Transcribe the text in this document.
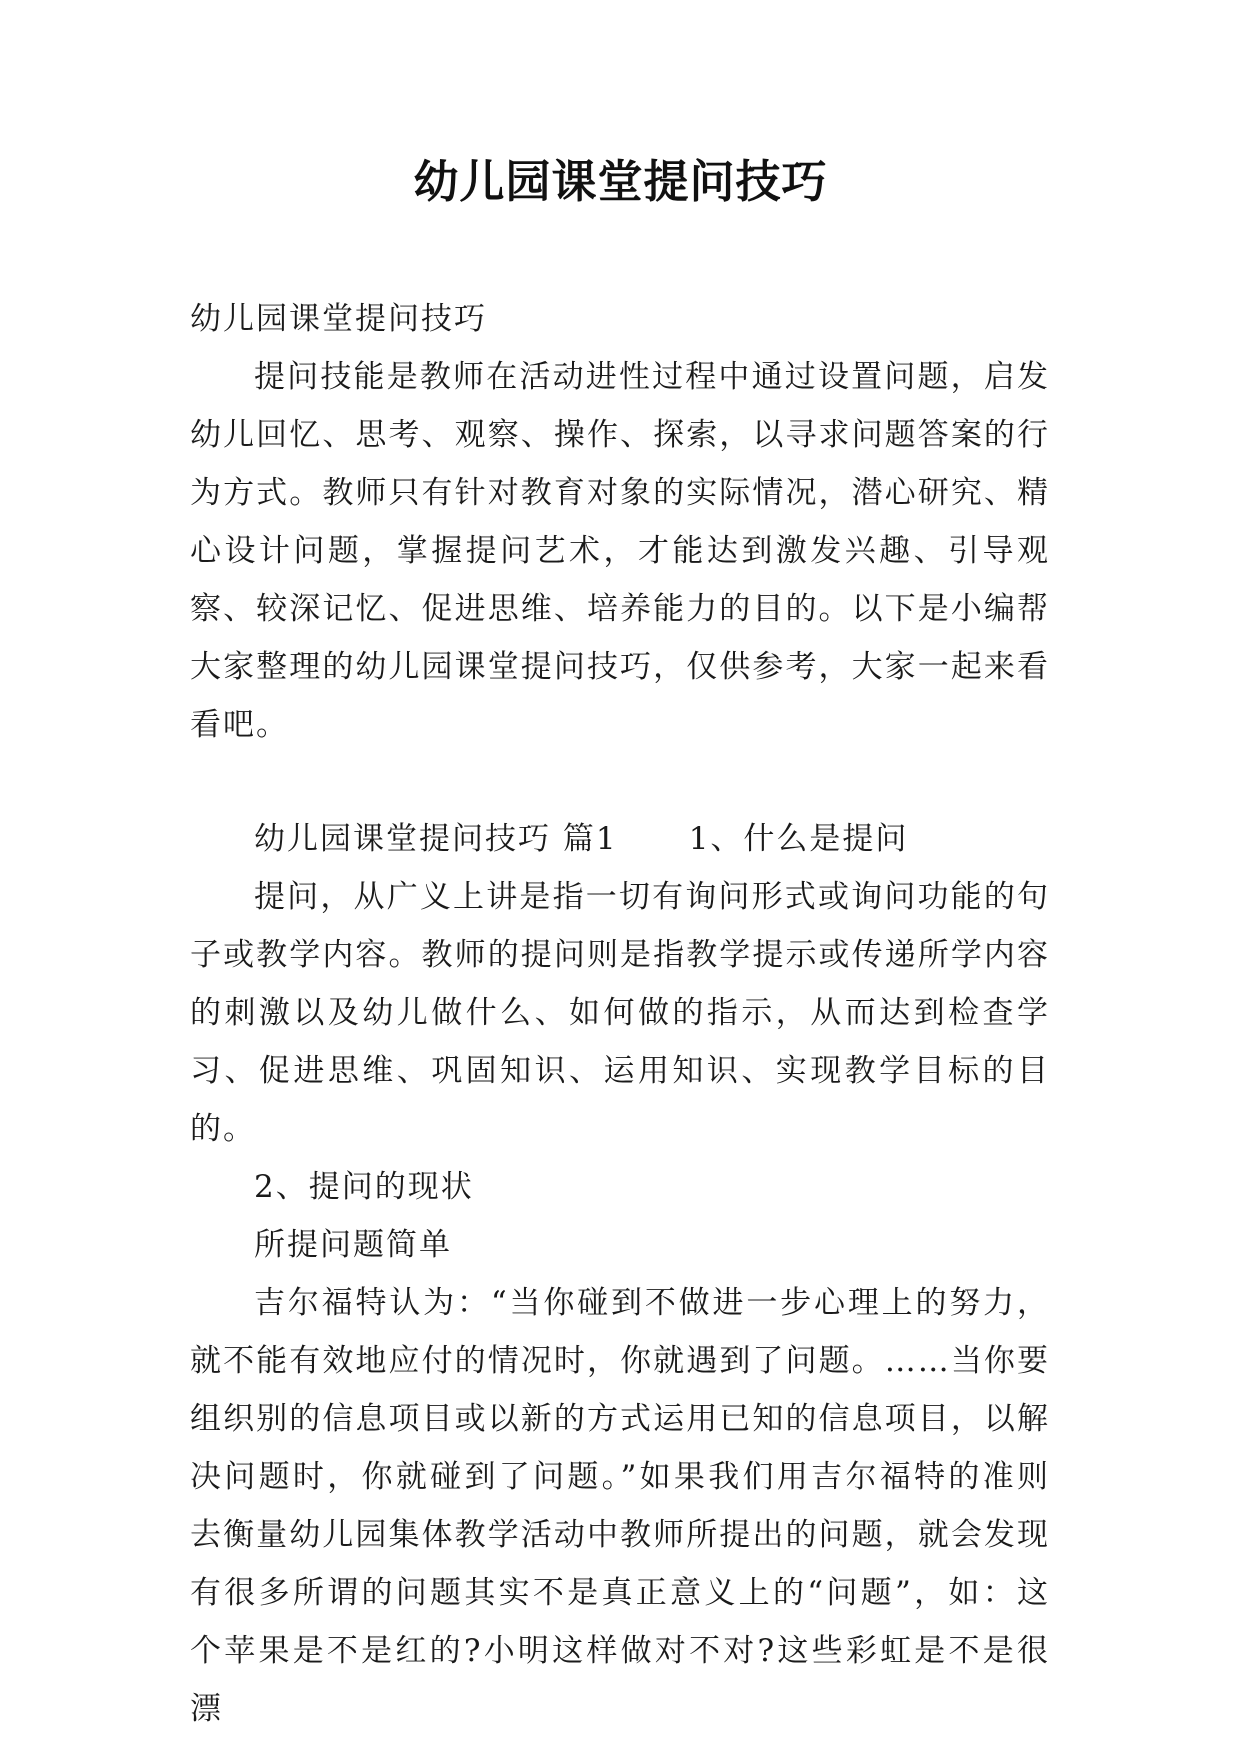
幼儿园课堂提问技巧

幼儿园课堂提问技巧

提问技能是教师在活动进性过程中通过设置问题，启发幼儿回忆、思考、观察、操作、探索，以寻求问题答案的行为方式。教师只有针对教育对象的实际情况，潜心研究、精心设计问题，掌握提问艺术，才能达到激发兴趣、引导观察、较深记忆、促进思维、培养能力的目的。以下是小编帮大家整理的幼儿园课堂提问技巧，仅供参考，大家一起来看看吧。

幼儿园课堂提问技巧 篇1 1、什么是提问

提问，从广义上讲是指一切有询问形式或询问功能的句子或教学内容。教师的提问则是指教学提示或传递所学内容的刺激以及幼儿做什么、如何做的指示，从而达到检查学习、促进思维、巩固知识、运用知识、实现教学目标的目的。

2、提问的现状

所提问题简单

吉尔福特认为：“当你碰到不做进一步心理上的努力，就不能有效地应付的情况时，你就遇到了问题。……当你要组织别的信息项目或以新的方式运用已知的信息项目，以解决问题时，你就碰到了问题。”如果我们用吉尔福特的准则去衡量幼儿园集体教学活动中教师所提出的问题，就会发现有很多所谓的问题其实不是真正意义上的“问题”，如：这个苹果是不是红的?小明这样做对不对?这些彩虹是不是很漂
